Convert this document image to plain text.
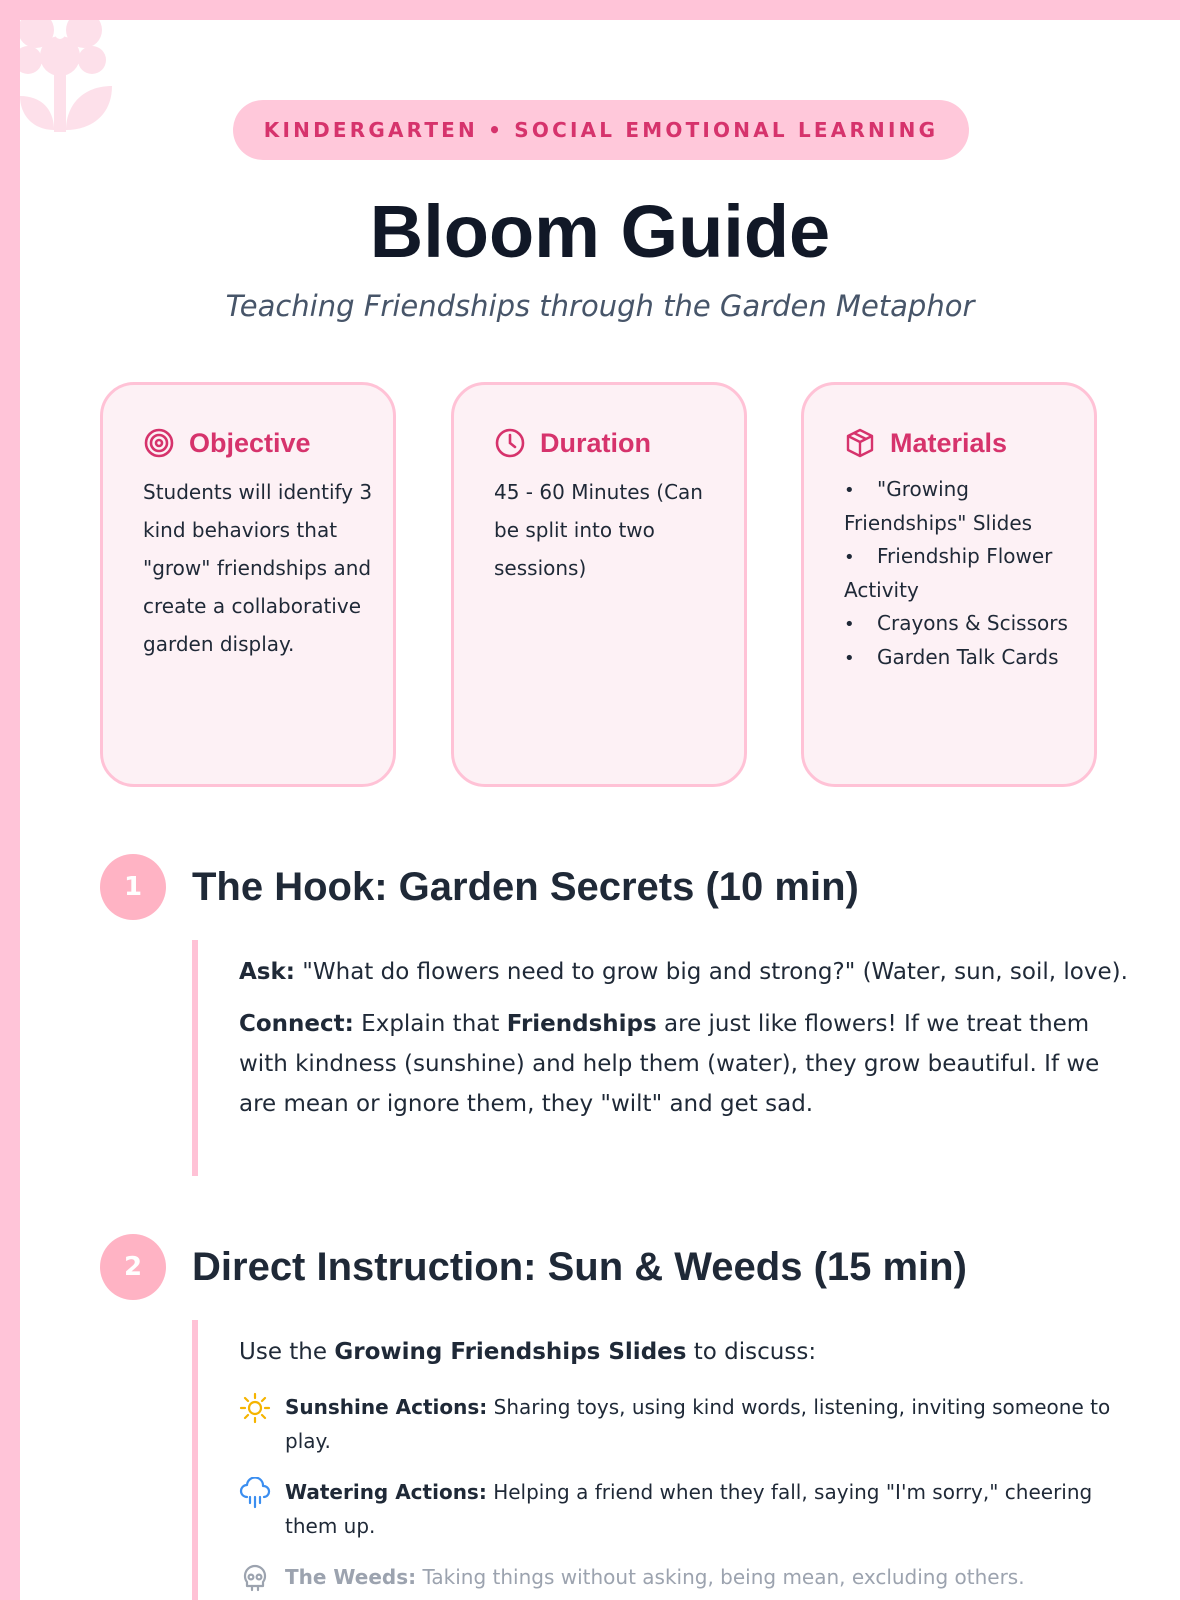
KINDERGARTEN • SOCIAL EMOTIONAL LEARNING
Bloom Guide
Teaching Friendships through the Garden Metaphor
Objective

Students will identify 3 kind behaviors that "grow" friendships and create a collaborative garden display.

Duration

45 - 60 Minutes (Can be split into two sessions)

Materials
• "Growing Friendships" Slides
• Friendship Flower Activity
• Crayons & Scissors
• Garden Talk Cards
1	The Hook: Garden Secrets (10 min)

Ask: "What do flowers need to grow big and strong?" (Water, sun, soil, love).

Connect: Explain that Friendships are just like flowers! If we treat them with kindness (sunshine) and help them (water), they grow beautiful. If we are mean or ignore them, they "wilt" and get sad.

2	Direct Instruction: Sun & Weeds (15 min)

Use the Growing Friendships Slides to discuss:

Sunshine Actions: Sharing toys, using kind words, listening, inviting someone to play.
Watering Actions: Helping a friend when they fall, saying "I'm sorry," cheering them up.
The Weeds: Taking things without asking, being mean, excluding others.
